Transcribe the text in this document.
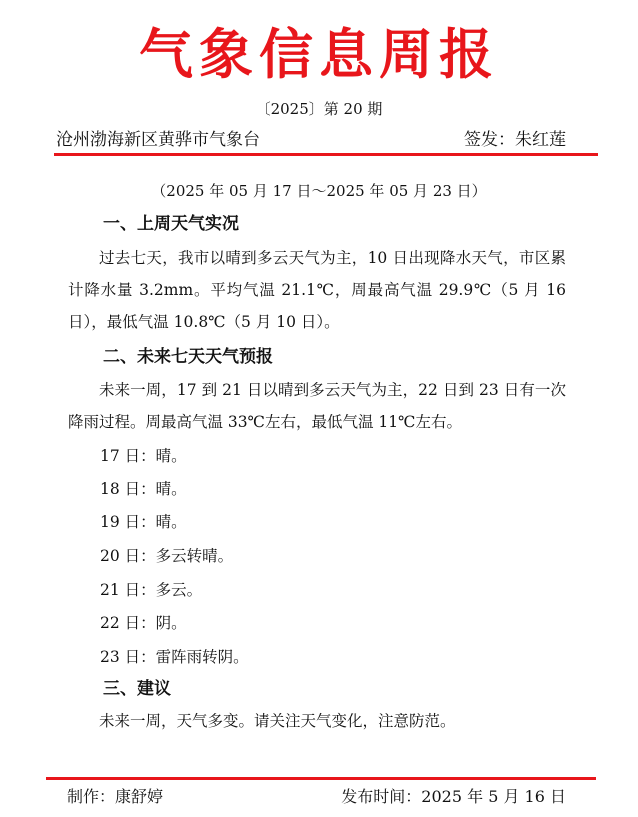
气象信息周报
〔2025〕第 20 期
沧州渤海新区黄骅市气象台	签发：朱红莲
（2025 年 05 月 17 日～2025 年 05 月 23 日）
一、上周天气实况

过去七天，我市以晴到多云天气为主，10 日出现降水天气，市区累计降水量 3.2mm。平均气温 21.1℃，周最高气温 29.9℃（5 月 16 日），最低气温 10.8℃（5 月 10 日）。

二、未来七天天气预报

未来一周，17 到 21 日以晴到多云天气为主，22 日到 23 日有一次降雨过程。周最高气温 33℃左右，最低气温 11℃左右。

17 日：晴。
18 日：晴。
19 日：晴。
20 日：多云转晴。
21 日：多云。
22 日：阴。
23 日：雷阵雨转阴。
三、建议

未来一周，天气多变。请关注天气变化，注意防范。

制作：康舒婷	发布时间：2025 年 5 月 16 日
